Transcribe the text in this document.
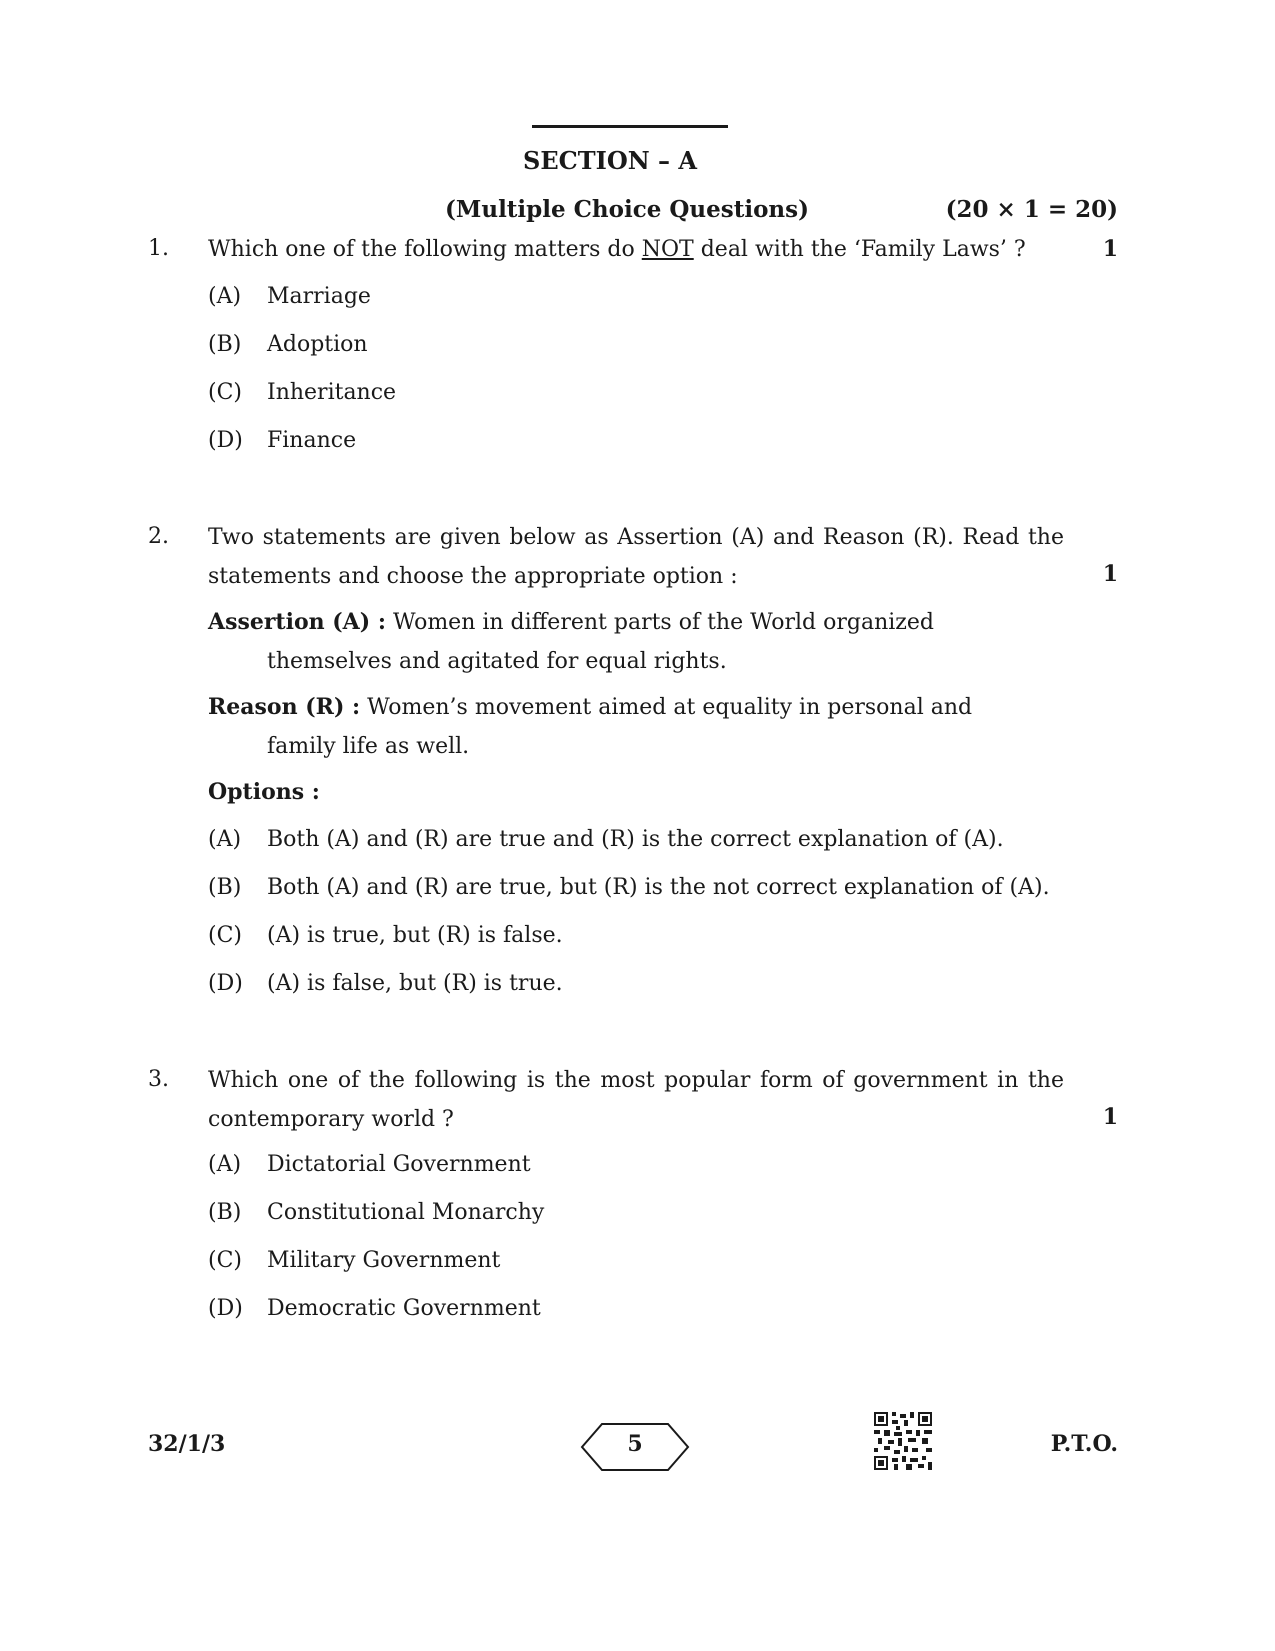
SECTION – A
(Multiple Choice Questions)	(20 × 1 = 20)
1. Which one of the following matters do NOT deal with the ‘Family Laws’ ?	1
(A) Marriage
(B) Adoption
(C) Inheritance
(D) Finance
2. Two statements are given below as Assertion (A) and Reason (R). Read the statements and choose the appropriate option :	1
Assertion (A) : Women in different parts of the World organized
themselves and agitated for equal rights.
Reason (R) : Women’s movement aimed at equality in personal and
family life as well.
Options :
(A) Both (A) and (R) are true and (R) is the correct explanation of (A).
(B) Both (A) and (R) are true, but (R) is the not correct explanation of (A).
(C) (A) is true, but (R) is false.
(D) (A) is false, but (R) is true.
3. Which one of the following is the most popular form of government in the contemporary world ?	1
(A) Dictatorial Government
(B) Constitutional Monarchy
(C) Military Government
(D) Democratic Government
32/1/3	5	P.T.O.
